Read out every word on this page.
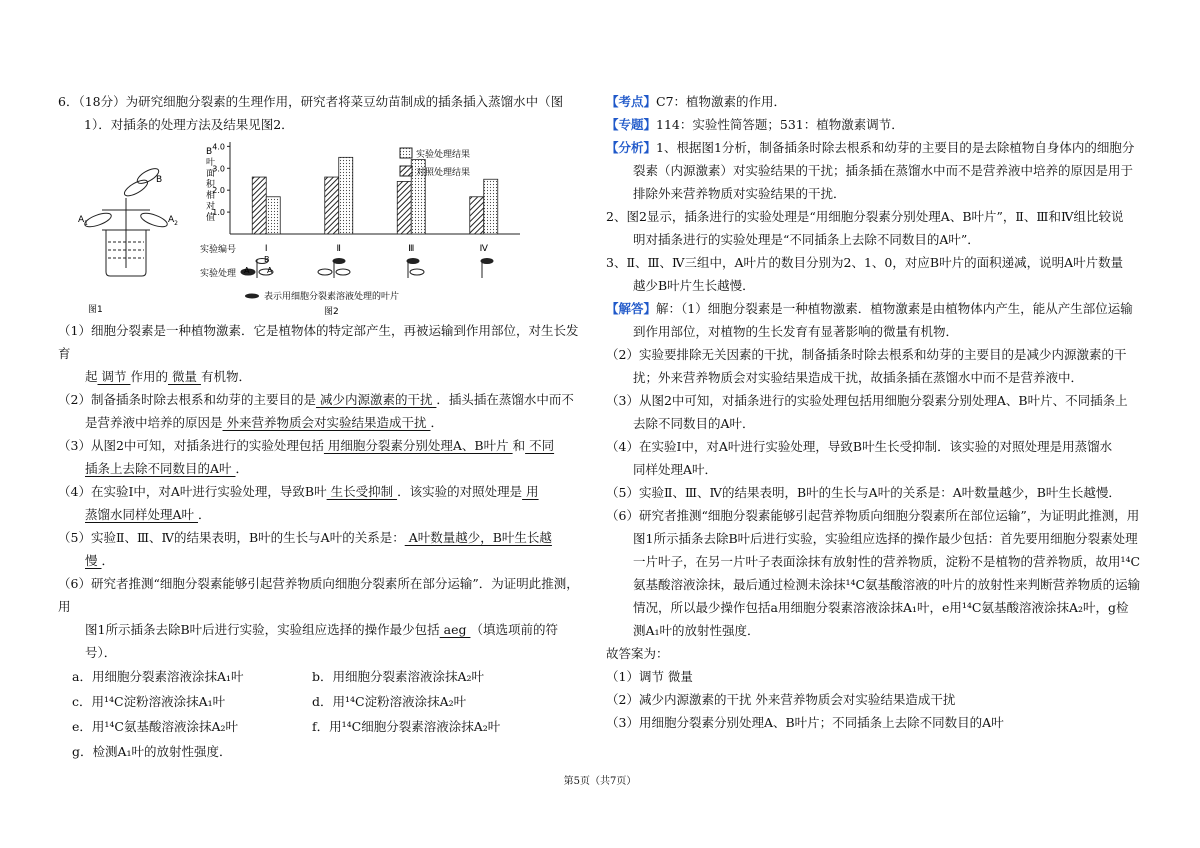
6．（18分）为研究细胞分裂素的生理作用，研究者将菜豆幼苗制成的插条插入蒸馏水中（图

1）．对插条的处理方法及结果见图2．

B
$A_1$	$A_2$
图1
1.0
2.0
3.0
4.0
Ⅰ	Ⅱ	Ⅲ	Ⅳ
B
叶
面
积
相
对
值
实验处理结果
对照处理结果
实验编号
实验处理 A A
B
表示用细胞分裂素溶液处理的叶片
图2

（1）细胞分裂素是一种植物激素．它是植物体的特定部产生，再被运输到作用部位，对生长发育

起 调节 作用的 微量 有机物．

（2）制备插条时除去根系和幼芽的主要目的是 减少内源激素的干扰 ．插头插在蒸馏水中而不

是营养液中培养的原因是 外来营养物质会对实验结果造成干扰 ．

（3）从图2中可知，对插条进行的实验处理包括 用细胞分裂素分别处理A、B叶片 和 不同

插条上去除不同数目的A叶 ．

（4）在实验Ⅰ中，对A叶进行实验处理，导致B叶 生长受抑制 ．该实验的对照处理是 用

蒸馏水同样处理A叶 ．

（5）实验Ⅱ、Ⅲ、Ⅳ的结果表明，B叶的生长与A叶的关系是： A叶数量越少，B叶生长越

慢 ．

（6）研究者推测“细胞分裂素能够引起营养物质向细胞分裂素所在部分运输”．为证明此推测，用

图1所示插条去除B叶后进行实验，实验组应选择的操作最少包括 aeg （填选项前的符

号）．

a．用细胞分裂素溶液涂抹A₁叶	b．用细胞分裂素溶液涂抹A₂叶
c．用¹⁴C淀粉溶液涂抹A₁叶	d．用¹⁴C淀粉溶液涂抹A₂叶
e．用¹⁴C氨基酸溶液涂抹A₂叶	f．用¹⁴C细胞分裂素溶液涂抹A₂叶
g．检测A₁叶的放射性强度．

【考点】C7：植物激素的作用．

【专题】114：实验性简答题；531：植物激素调节．

【分析】1、根据图1分析，制备插条时除去根系和幼芽的主要目的是去除植物自身体内的细胞分

裂素（内源激素）对实验结果的干扰；插条插在蒸馏水中而不是营养液中培养的原因是用于

排除外来营养物质对实验结果的干扰．

2、图2显示，插条进行的实验处理是“用细胞分裂素分别处理A、B叶片”，Ⅱ、Ⅲ和Ⅳ组比较说

明对插条进行的实验处理是“不同插条上去除不同数目的A叶”．

3、Ⅱ、Ⅲ、Ⅳ三组中，A叶片的数目分别为2、1、0，对应B叶片的面积递减，说明A叶片数量

越少B叶片生长越慢．

【解答】解：（1）细胞分裂素是一种植物激素．植物激素是由植物体内产生，能从产生部位运输

到作用部位，对植物的生长发育有显著影响的微量有机物．

（2）实验要排除无关因素的干扰，制备插条时除去根系和幼芽的主要目的是减少内源激素的干

扰；外来营养物质会对实验结果造成干扰，故插条插在蒸馏水中而不是营养液中．

（3）从图2中可知，对插条进行的实验处理包括用细胞分裂素分别处理A、B叶片、不同插条上

去除不同数目的A叶．

（4）在实验Ⅰ中，对A叶进行实验处理，导致B叶生长受抑制．该实验的对照处理是用蒸馏水

同样处理A叶．

（5）实验Ⅱ、Ⅲ、Ⅳ的结果表明，B叶的生长与A叶的关系是：A叶数量越少，B叶生长越慢．

（6）研究者推测“细胞分裂素能够引起营养物质向细胞分裂素所在部位运输”，为证明此推测，用

图1所示插条去除B叶后进行实验，实验组应选择的操作最少包括：首先要用细胞分裂素处理

一片叶子，在另一片叶子表面涂抹有放射性的营养物质，淀粉不是植物的营养物质，故用¹⁴C

氨基酸溶液涂抹，最后通过检测未涂抹¹⁴C氨基酸溶液的叶片的放射性来判断营养物质的运输

情况，所以最少操作包括a用细胞分裂素溶液涂抹A₁叶，e用¹⁴C氨基酸溶液涂抹A₂叶，g检

测A₁叶的放射性强度．

故答案为：

（1）调节 微量

（2）减少内源激素的干扰 外来营养物质会对实验结果造成干扰

（3）用细胞分裂素分别处理A、B叶片；不同插条上去除不同数目的A叶

第5页（共7页）
